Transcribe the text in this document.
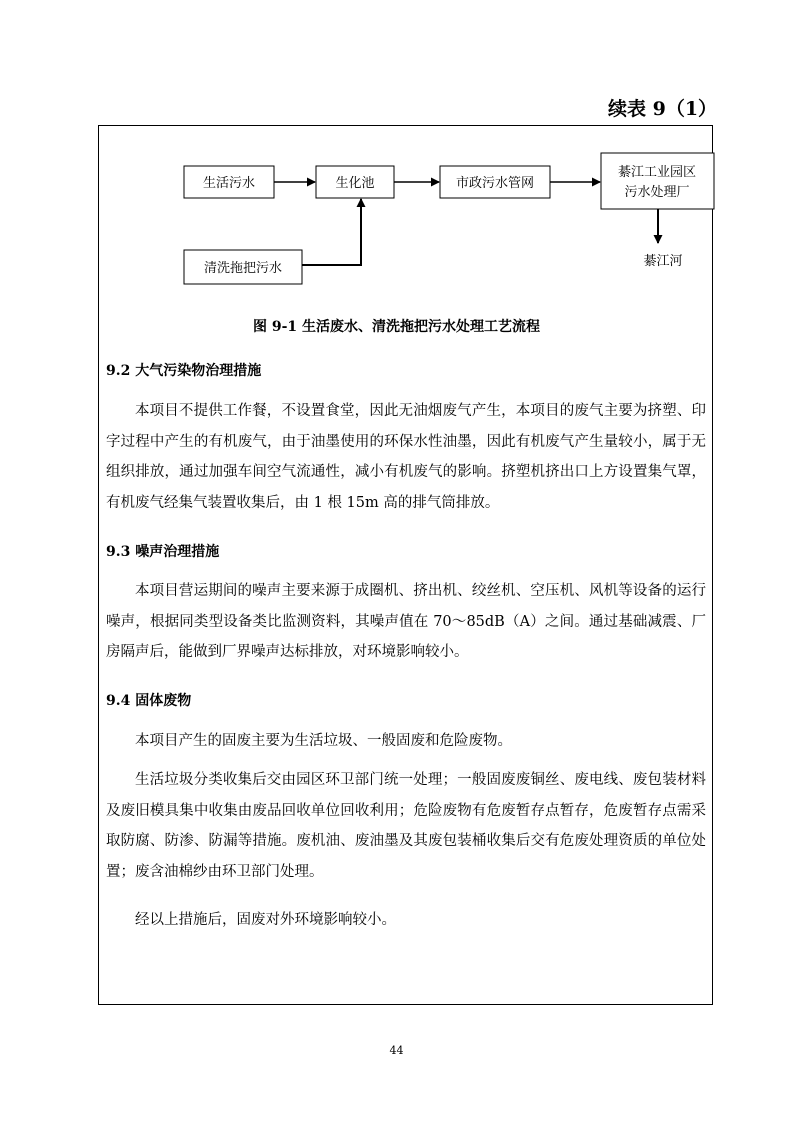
续表 9（1）
生活污水	生化池	市政污水管网
綦江工业园区
污水处理厂
清洗拖把污水	綦江河
图 9-1 生活废水、清洗拖把污水处理工艺流程
9.2 大气污染物治理措施

本项目不提供工作餐，不设置食堂，因此无油烟废气产生，本项目的废气主要为挤塑、印字过程中产生的有机废气，由于油墨使用的环保水性油墨，因此有机废气产生量较小，属于无组织排放，通过加强车间空气流通性，减小有机废气的影响。挤塑机挤出口上方设置集气罩，有机废气经集气装置收集后，由 1 根 15m 高的排气筒排放。

9.3 噪声治理措施

本项目营运期间的噪声主要来源于成圈机、挤出机、绞丝机、空压机、风机等设备的运行噪声，根据同类型设备类比监测资料，其噪声值在 70～85dB（A）之间。通过基础减震、厂房隔声后，能做到厂界噪声达标排放，对环境影响较小。

9.4 固体废物

本项目产生的固废主要为生活垃圾、一般固废和危险废物。

生活垃圾分类收集后交由园区环卫部门统一处理；一般固废废铜丝、废电线、废包装材料及废旧模具集中收集由废品回收单位回收利用；危险废物有危废暂存点暂存，危废暂存点需采取防腐、防渗、防漏等措施。废机油、废油墨及其废包装桶收集后交有危废处理资质的单位处置；废含油棉纱由环卫部门处理。

经以上措施后，固废对外环境影响较小。

44
